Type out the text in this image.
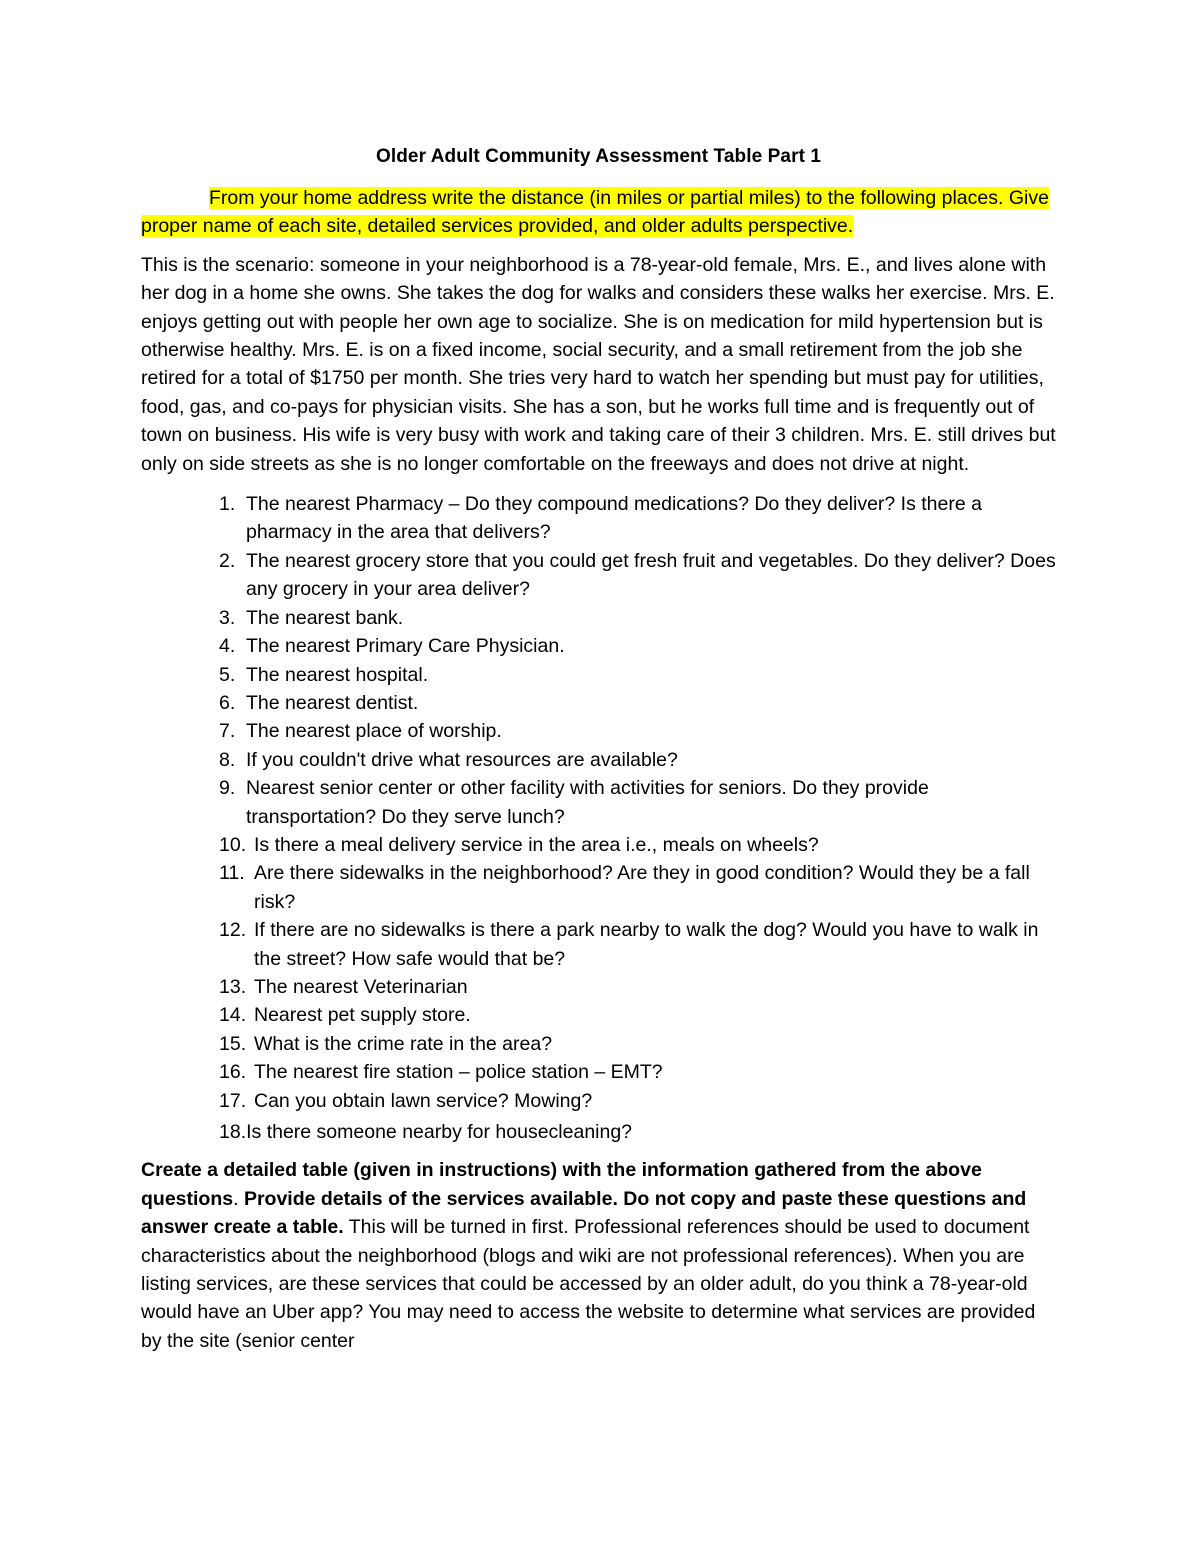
Older Adult Community Assessment Table Part 1

From your home address write the distance (in miles or partial miles) to the following places. Give proper name of each site, detailed services provided, and older adults perspective.

This is the scenario: someone in your neighborhood is a 78-year-old female, Mrs. E., and lives alone with her dog in a home she owns. She takes the dog for walks and considers these walks her exercise. Mrs. E. enjoys getting out with people her own age to socialize. She is on medication for mild hypertension but is otherwise healthy. Mrs. E. is on a fixed income, social security, and a small retirement from the job she retired for a total of $1750 per month. She tries very hard to watch her spending but must pay for utilities, food, gas, and co-pays for physician visits. She has a son, but he works full time and is frequently out of town on business. His wife is very busy with work and taking care of their 3 children. Mrs. E. still drives but only on side streets as she is no longer comfortable on the freeways and does not drive at night.

1. The nearest Pharmacy – Do they compound medications? Do they deliver? Is there a pharmacy in the area that delivers?
2. The nearest grocery store that you could get fresh fruit and vegetables. Do they deliver? Does any grocery in your area deliver?
3. The nearest bank.
4. The nearest Primary Care Physician.
5. The nearest hospital.
6. The nearest dentist.
7. The nearest place of worship.
8. If you couldn't drive what resources are available?
9. Nearest senior center or other facility with activities for seniors. Do they provide transportation? Do they serve lunch?
10. Is there a meal delivery service in the area i.e., meals on wheels?
11. Are there sidewalks in the neighborhood? Are they in good condition? Would they be a fall risk?
12. If there are no sidewalks is there a park nearby to walk the dog? Would you have to walk in the street? How safe would that be?
13. The nearest Veterinarian
14. Nearest pet supply store.
15. What is the crime rate in the area?
16. The nearest fire station – police station – EMT?
17. Can you obtain lawn service? Mowing?
18.Is there someone nearby for housecleaning?

Create a detailed table (given in instructions) with the information gathered from the above questions. Provide details of the services available. Do not copy and paste these questions and answer create a table. This will be turned in first. Professional references should be used to document characteristics about the neighborhood (blogs and wiki are not professional references). When you are listing services, are these services that could be accessed by an older adult, do you think a 78-year-old would have an Uber app? You may need to access the website to determine what services are provided by the site (senior center
